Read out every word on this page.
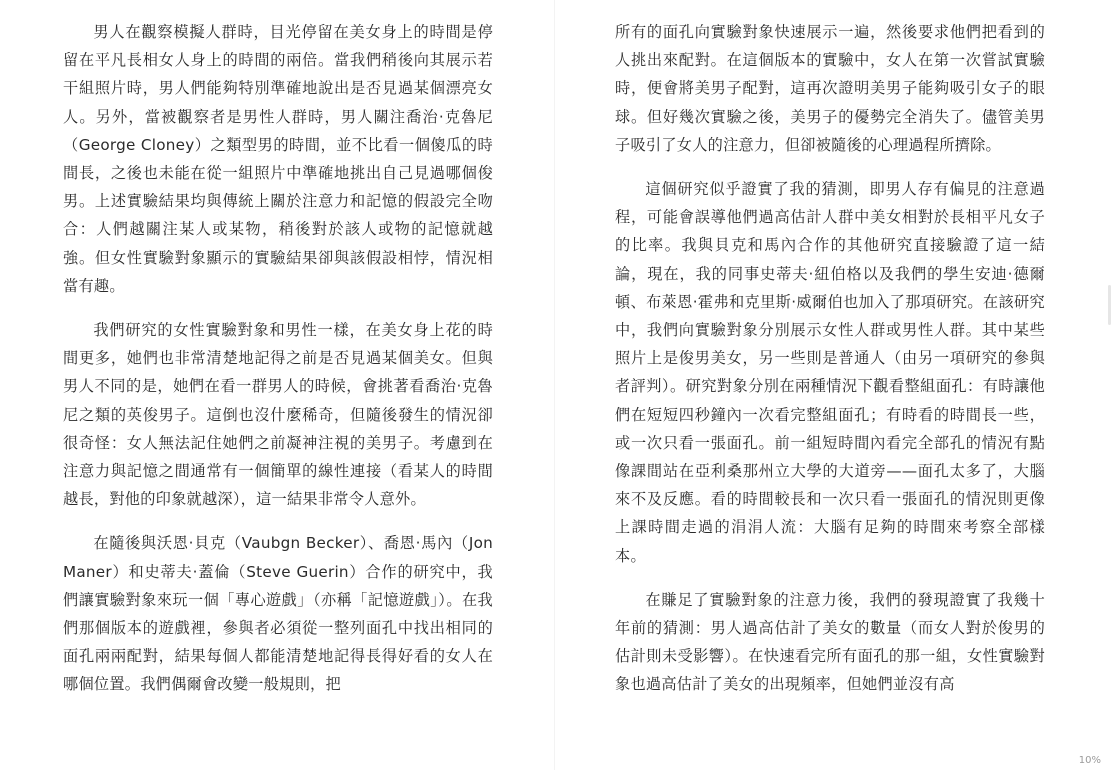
男人在觀察模擬人群時，目光停留在美女身上的時間是停留在平凡長相女人身上的時間的兩倍。當我們稍後向其展示若干組照片時，男人們能夠特別準確地說出是否見過某個漂亮女人。另外，當被觀察者是男性人群時，男人關注喬治·克魯尼（George Cloney）之類型男的時間，並不比看一個傻瓜的時間長，之後也未能在從一組照片中準確地挑出自己見過哪個俊男。上述實驗結果均與傳統上關於注意力和記憶的假設完全吻合：人們越關注某人或某物，稍後對於該人或物的記憶就越強。但女性實驗對象顯示的實驗結果卻與該假設相悖，情況相當有趣。

我們研究的女性實驗對象和男性一樣，在美女身上花的時間更多，她們也非常清楚地記得之前是否見過某個美女。但與男人不同的是，她們在看一群男人的時候，會挑著看喬治·克魯尼之類的英俊男子。這倒也沒什麼稀奇，但隨後發生的情況卻很奇怪：女人無法記住她們之前凝神注視的美男子。考慮到在注意力與記憶之間通常有一個簡單的線性連接（看某人的時間越長，對他的印象就越深），這一結果非常令人意外。

在隨後與沃恩·貝克（Vaubgn Becker）、喬恩·馬內（Jon Maner）和史蒂夫·蓋倫（Steve Guerin）合作的研究中，我們讓實驗對象來玩一個「專心遊戲」（亦稱「記憶遊戲」）。在我們那個版本的遊戲裡，參與者必須從一整列面孔中找出相同的面孔兩兩配對，結果每個人都能清楚地記得長得好看的女人在哪個位置。我們偶爾會改變一般規則，把

所有的面孔向實驗對象快速展示一遍，然後要求他們把看到的人挑出來配對。在這個版本的實驗中，女人在第一次嘗試實驗時，便會將美男子配對，這再次證明美男子能夠吸引女子的眼球。但好幾次實驗之後，美男子的優勢完全消失了。儘管美男子吸引了女人的注意力，但卻被隨後的心理過程所擠除。

這個研究似乎證實了我的猜測，即男人存有偏見的注意過程，可能會誤導他們過高估計人群中美女相對於長相平凡女子的比率。我與貝克和馬內合作的其他研究直接驗證了這一結論，現在，我的同事史蒂夫·紐伯格以及我們的學生安迪·德爾頓、布萊恩·霍弗和克里斯·威爾伯也加入了那項研究。在該研究中，我們向實驗對象分別展示女性人群或男性人群。其中某些照片上是俊男美女，另一些則是普通人（由另一項研究的參與者評判）。研究對象分別在兩種情況下觀看整組面孔：有時讓他們在短短四秒鐘內一次看完整組面孔；有時看的時間長一些，或一次只看一張面孔。前一組短時間內看完全部孔的情況有點像課間站在亞利桑那州立大學的大道旁——面孔太多了，大腦來不及反應。看的時間較長和一次只看一張面孔的情況則更像上課時間走過的涓涓人流：大腦有足夠的時間來考察全部樣本。

在賺足了實驗對象的注意力後，我們的發現證實了我幾十年前的猜測：男人過高估計了美女的數量（而女人對於俊男的估計則未受影響）。在快速看完所有面孔的那一組，女性實驗對象也過高估計了美女的出現頻率，但她們並沒有高

10%
